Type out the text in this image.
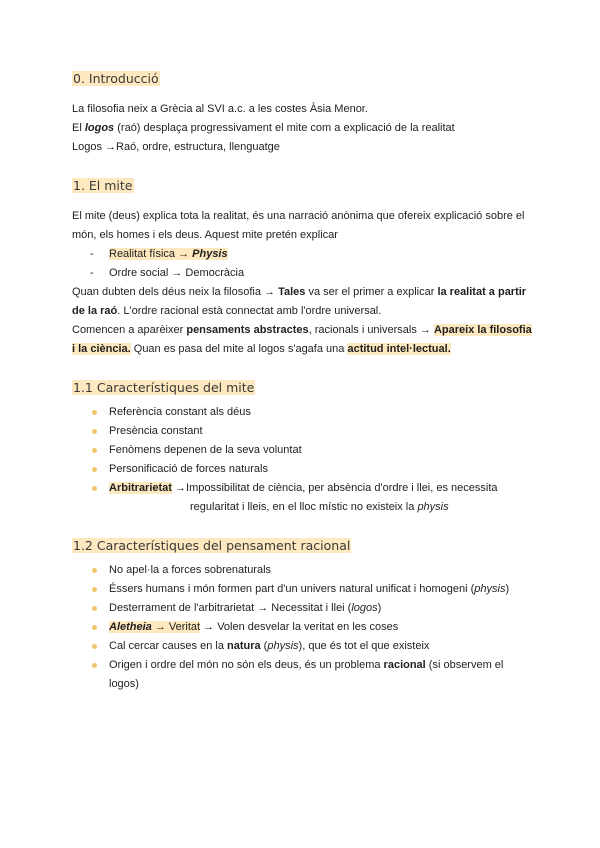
0. Introducció

La filosofia neix a Grècia al SVI a.c. a les costes Àsia Menor.

El logos (raó) desplaça progressivament el mite com a explicació de la realitat

Logos →Raó, ordre, estructura, llenguatge

1. El mite

El mite (deus) explica tota la realitat, és una narració anònima que ofereix explicació sobre el món, els homes i els deus. Aquest mite pretén explicar

- Realitat física → Physis
- Ordre social → Democràcia

Quan dubten dels déus neix la filosofia → Tales va ser el primer a explicar la realitat a partir de la raó. L'ordre racional està connectat amb l'ordre universal.

Comencen a aparèixer pensaments abstractes, racionals i universals → Apareix la filosofia i la ciència. Quan es pasa del mite al logos s'agafa una actitud intel·lectual.

1.1 Característiques del mite
Referència constant als déus
Presència constant
Fenòmens depenen de la seva voluntat
Personificació de forces naturals
Arbitrarietat →Impossibilitat de ciència, per absència d'ordre i llei, es necessita

regularitat i lleis, en el lloc místic no existeix la physis

1.2 Característiques del pensament racional
No apel·la a forces sobrenaturals
Éssers humans i món formen part d'un univers natural unificat i homogeni (physis)
Desterrament de l'arbitrarietat → Necessitat i llei (logos)
Aletheia → Veritat → Volen desvelar la veritat en les coses
Cal cercar causes en la natura (physis), que és tot el que existeix
Origen i ordre del món no són els deus, és un problema racional (si observem el logos)
